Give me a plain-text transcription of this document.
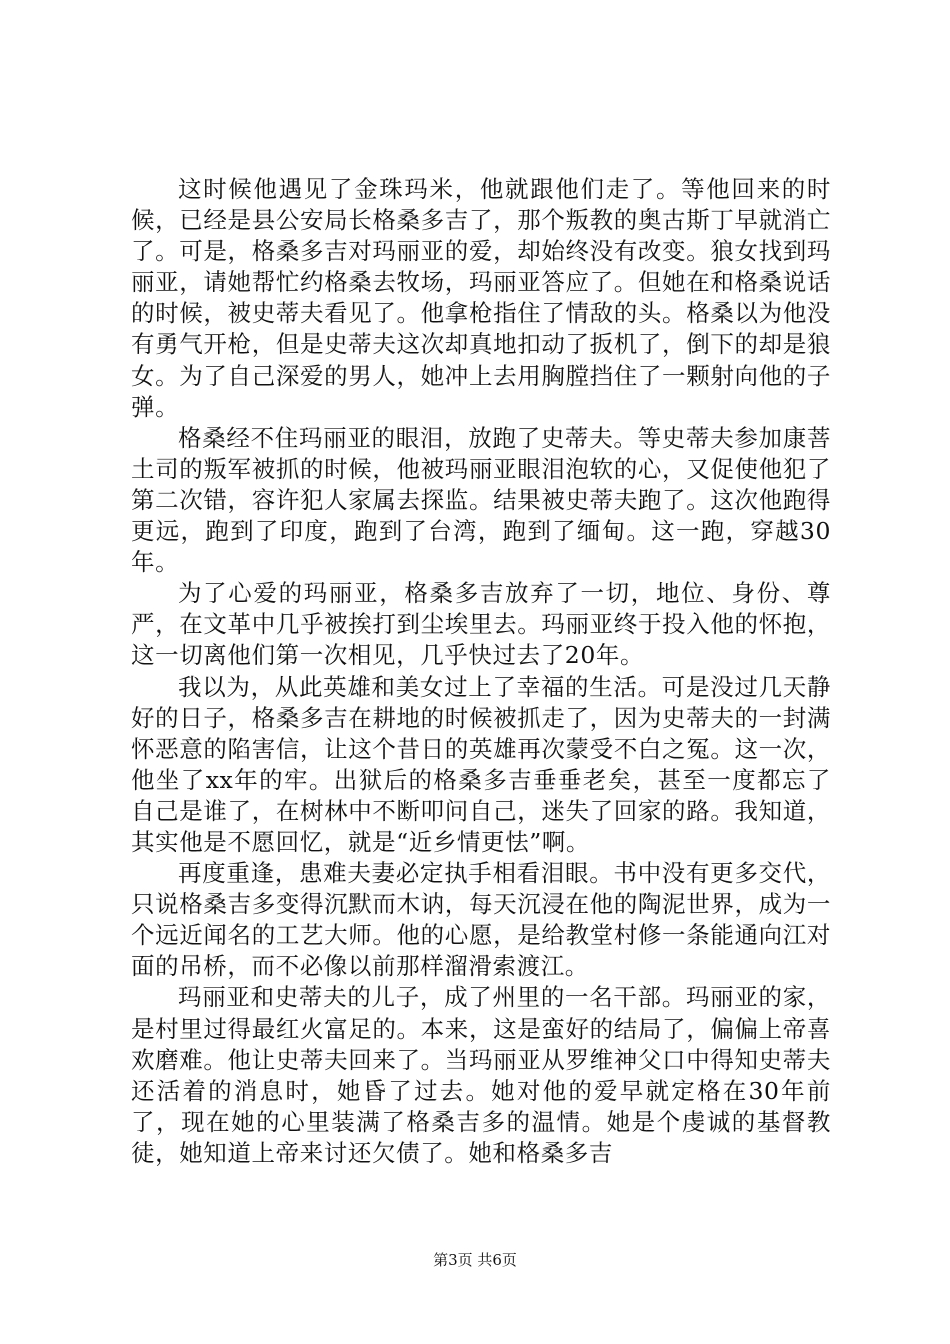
这时候他遇见了金珠玛米，他就跟他们走了。等他回来的时候，已经是县公安局长格桑多吉了，那个叛教的奥古斯丁早就消亡了。可是，格桑多吉对玛丽亚的爱，却始终没有改变。狼女找到玛丽亚，请她帮忙约格桑去牧场，玛丽亚答应了。但她在和格桑说话的时候，被史蒂夫看见了。他拿枪指住了情敌的头。格桑以为他没有勇气开枪，但是史蒂夫这次却真地扣动了扳机了，倒下的却是狼女。为了自己深爱的男人，她冲上去用胸膛挡住了一颗射向他的子弹。

格桑经不住玛丽亚的眼泪，放跑了史蒂夫。等史蒂夫参加康菩土司的叛军被抓的时候，他被玛丽亚眼泪泡软的心，又促使他犯了第二次错，容许犯人家属去探监。结果被史蒂夫跑了。这次他跑得更远，跑到了印度，跑到了台湾，跑到了缅甸。这一跑，穿越30年。

为了心爱的玛丽亚，格桑多吉放弃了一切，地位、身份、尊严，在文革中几乎被挨打到尘埃里去。玛丽亚终于投入他的怀抱，这一切离他们第一次相见，几乎快过去了20年。

我以为，从此英雄和美女过上了幸福的生活。可是没过几天静好的日子，格桑多吉在耕地的时候被抓走了，因为史蒂夫的一封满怀恶意的陷害信，让这个昔日的英雄再次蒙受不白之冤。这一次，他坐了xx年的牢。出狱后的格桑多吉垂垂老矣，甚至一度都忘了自己是谁了，在树林中不断叩问自己，迷失了回家的路。我知道，其实他是不愿回忆，就是“近乡情更怯”啊。

再度重逢，患难夫妻必定执手相看泪眼。书中没有更多交代，只说格桑吉多变得沉默而木讷，每天沉浸在他的陶泥世界，成为一个远近闻名的工艺大师。他的心愿，是给教堂村修一条能通向江对面的吊桥，而不必像以前那样溜滑索渡江。

玛丽亚和史蒂夫的儿子，成了州里的一名干部。玛丽亚的家，是村里过得最红火富足的。本来，这是蛮好的结局了，偏偏上帝喜欢磨难。他让史蒂夫回来了。当玛丽亚从罗维神父口中得知史蒂夫还活着的消息时，她昏了过去。她对他的爱早就定格在30年前了，现在她的心里装满了格桑吉多的温情。她是个虔诚的基督教徒，她知道上帝来讨还欠债了。她和格桑多吉

第3页 共6页
